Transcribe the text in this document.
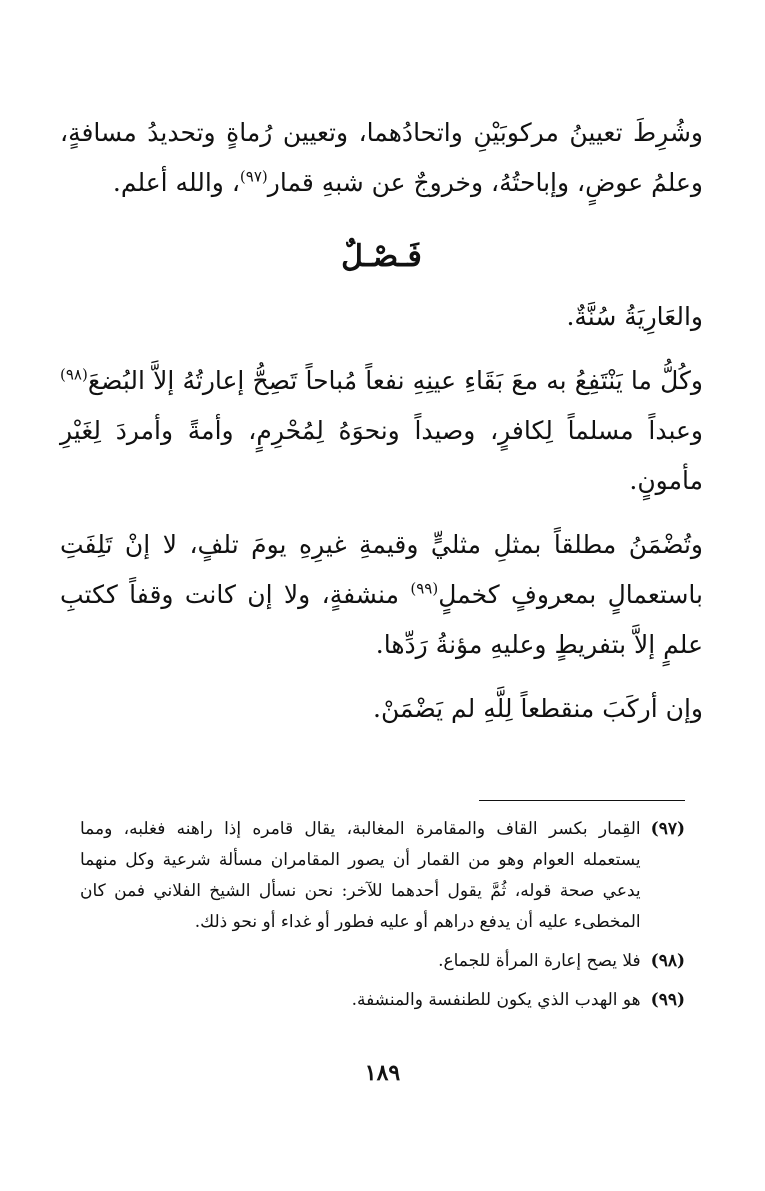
وشُرِطَ تعيينُ مركوبَيْنِ واتحادُهما، وتعيين رُماةٍ وتحديدُ مسافةٍ، وعلمُ عوضٍ، وإباحتُهُ، وخروجٌ عن شبهِ قمار$^{(٩٧)}$، والله أعلم.

فَـصْـلٌ

والعَارِيَةُ سُنَّةٌ.

وكُلُّ ما يَنْتَفِعُ به معَ بَقَاءِ عينِهِ نفعاً مُباحاً تَصِحُّ إعارتُهُ إلاَّ البُضعَ$^{(٩٨)}$ وعبداً مسلماً لِكافرٍ، وصيداً ونحوَهُ لِمُحْرِمٍ، وأمةً وأمردَ لِغَيْرِ مأمونٍ.

وتُضْمَنُ مطلقاً بمثلِ مثليٍّ وقيمةِ غيرِهِ يومَ تلفٍ، لا إنْ تَلِفَتِ باستعمالٍ بمعروفٍ كخملٍ$^{(٩٩)}$ منشفةٍ، ولا إن كانت وقفاً ككتبِ علمٍ إلاَّ بتفريطٍ وعليهِ مؤنةُ رَدِّها.

وإن أركَبَ منقطعاً لِلَّهِ لم يَضْمَنْ.

(٩٧)
القِمار بكسر القاف والمقامرة المغالبة، يقال قامره إذا راهنه فغلبه، ومما يستعمله العوام وهو من القمار أن يصور المقامران مسألة شرعية وكل منهما يدعي صحة قوله، ثُمَّ يقول أحدهما للآخر: نحن نسأل الشيخ الفلاني فمن كان المخطىء عليه أن يدفع دراهم أو عليه فطور أو غداء أو نحو ذلك.
(٩٨)
فلا يصح إعارة المرأة للجماع.
(٩٩)
هو الهدب الذي يكون للطنفسة والمنشفة.
١٨٩
